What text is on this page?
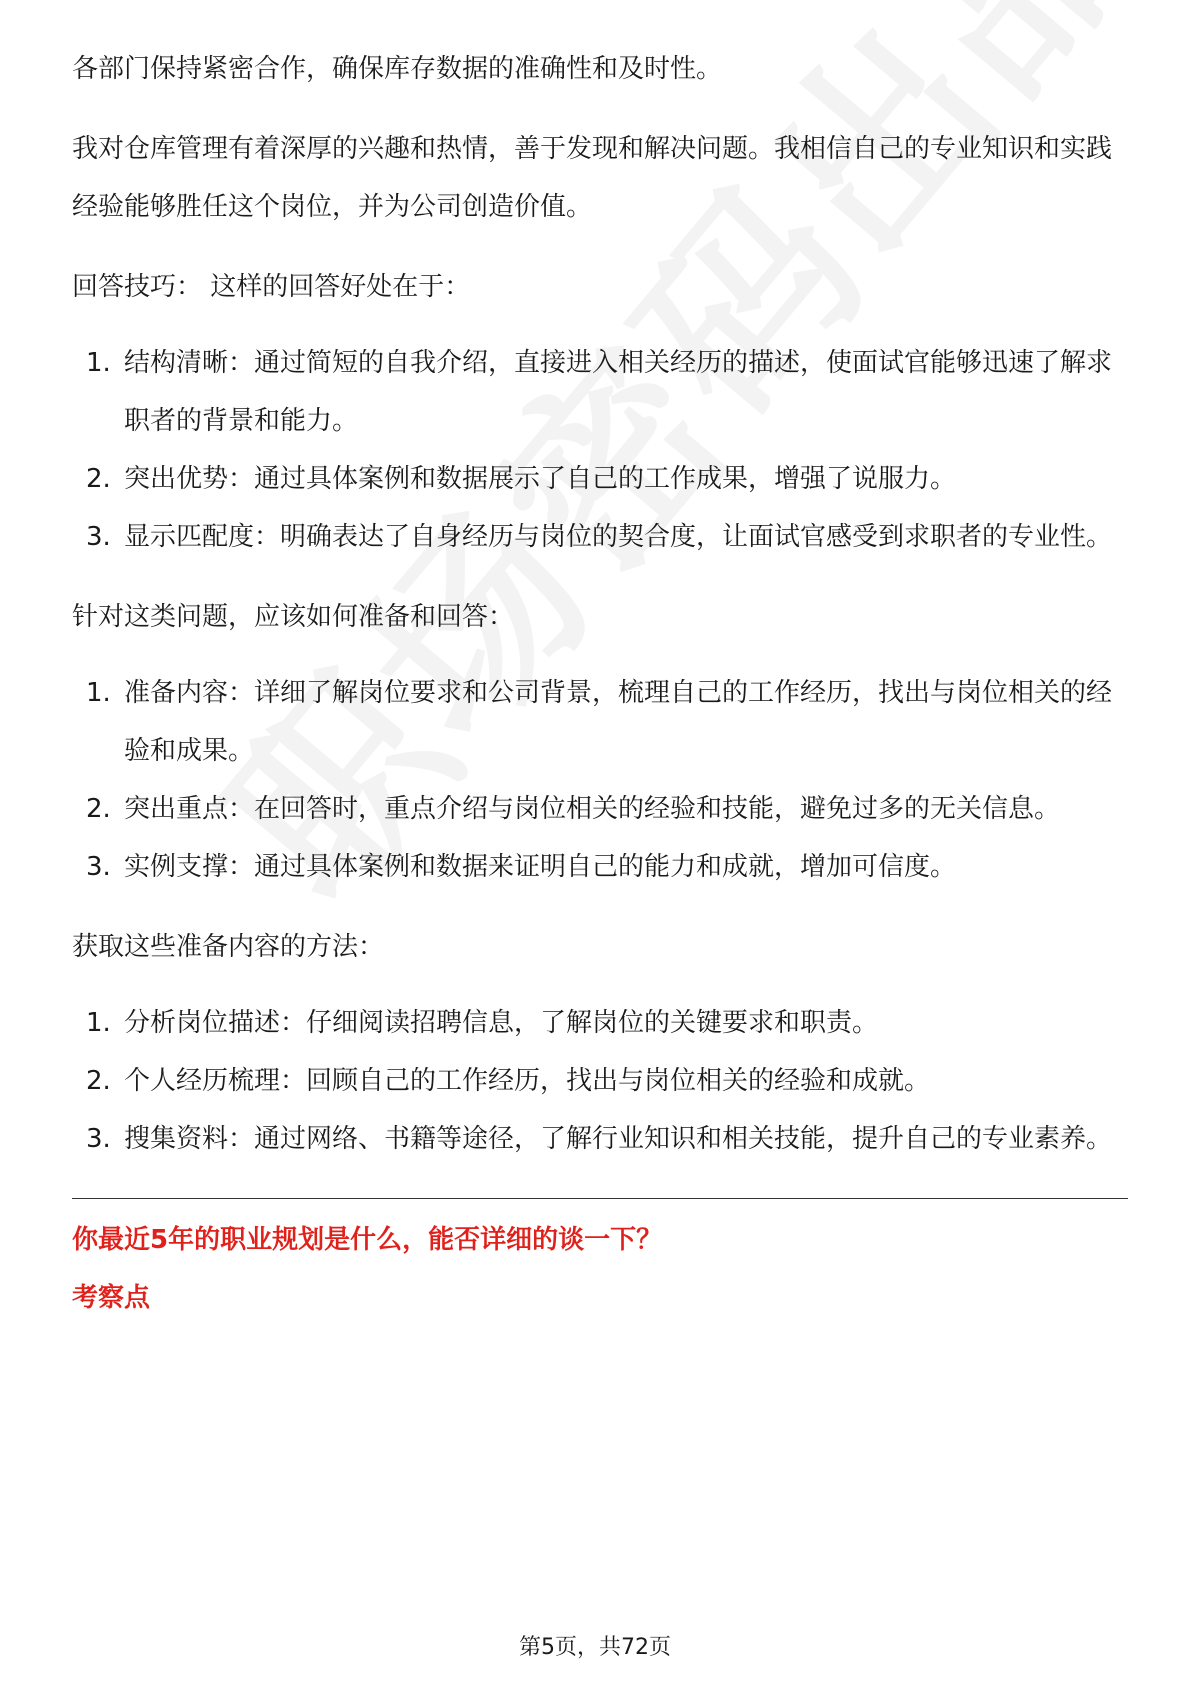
各部门保持紧密合作，确保库存数据的准确性和及时性。

我对仓库管理有着深厚的兴趣和热情，善于发现和解决问题。我相信自己的专业知识和实践经验能够胜任这个岗位，并为公司创造价值。

回答技巧： 这样的回答好处在于：

1. 结构清晰：通过简短的自我介绍，直接进入相关经历的描述，使面试官能够迅速了解求职者的背景和能力。
2. 突出优势：通过具体案例和数据展示了自己的工作成果，增强了说服力。
3. 显示匹配度：明确表达了自身经历与岗位的契合度，让面试官感受到求职者的专业性。

针对这类问题，应该如何准备和回答：

1. 准备内容：详细了解岗位要求和公司背景，梳理自己的工作经历，找出与岗位相关的经验和成果。
2. 突出重点：在回答时，重点介绍与岗位相关的经验和技能，避免过多的无关信息。
3. 实例支撑：通过具体案例和数据来证明自己的能力和成就，增加可信度。

获取这些准备内容的方法：

1. 分析岗位描述：仔细阅读招聘信息，了解岗位的关键要求和职责。
2. 个人经历梳理：回顾自己的工作经历，找出与岗位相关的经验和成就。
3. 搜集资料：通过网络、书籍等途径，了解行业知识和相关技能，提升自己的专业素养。

你最近5年的职业规划是什么，能否详细的谈一下？

考察点

第5页，共72页
